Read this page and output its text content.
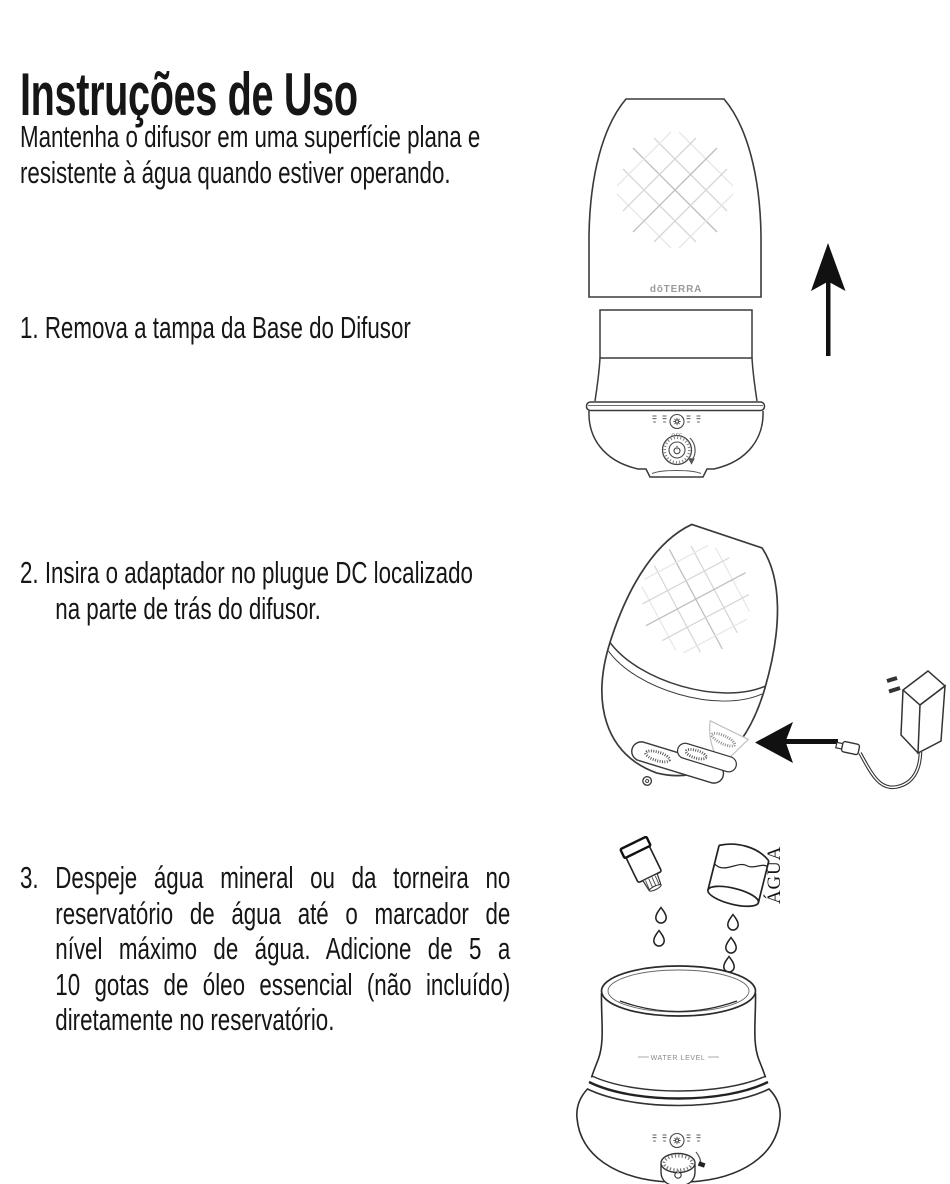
Instruções de Uso
Mantenha o difusor em uma superfície plana e
resistente à água quando estiver operando.
1. Remova a tampa da Base do Difusor
2. Insira o adaptador no plugue DC localizado
na parte de trás do difusor.
3. Despeje água mineral ou da torneira no
reservatório de água até o marcador de
nível máximo de água. Adicione de 5 a
10 gotas de óleo essencial (não incluído)
diretamente no reservatório.
dōTERRA
ÁGUA
WATER LEVEL
